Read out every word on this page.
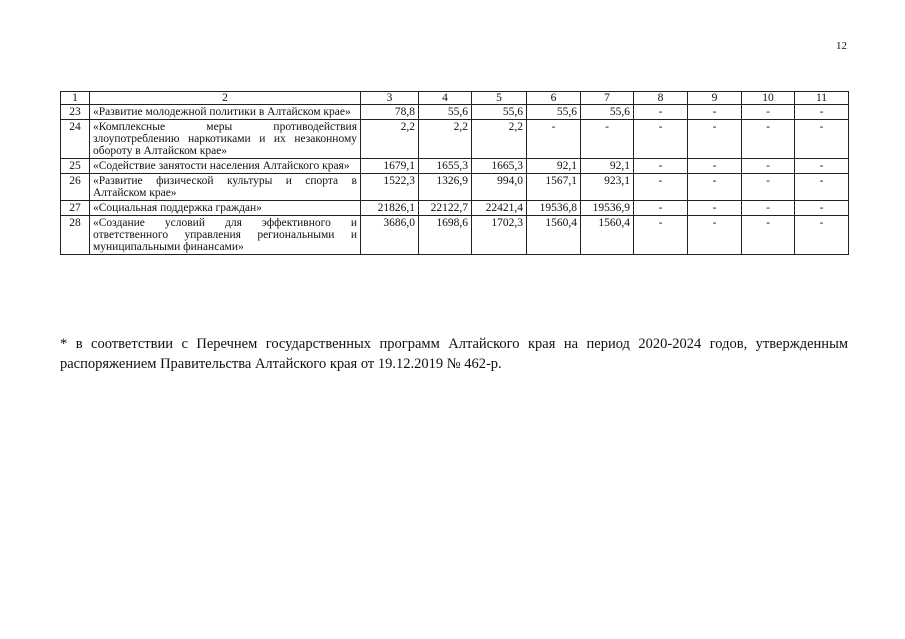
12
1	2	3	4	5	6	7	8	9	10	11
23	«Развитие молодежной политики в Алтайском крае»	78,8	55,6	55,6	55,6	55,6	-	-	-	-
24	«Комплексные меры противодействия злоупотреблению наркотиками и их незаконному обороту в Алтайском крае»	2,2	2,2	2,2	-	-	-	-	-	-
25	«Содействие занятости населения Алтайского края»	1679,1	1655,3	1665,3	92,1	92,1	-	-	-	-
26	«Развитие физической культуры и спорта в Алтайском крае»	1522,3	1326,9	994,0	1567,1	923,1	-	-	-	-
27	«Социальная поддержка граждан»	21826,1	22122,7	22421,4	19536,8	19536,9	-	-	-	-
28	«Создание условий для эффективного и ответственного управления региональными и муниципальными финансами»	3686,0	1698,6	1702,3	1560,4	1560,4	-	-	-	-

* в соответствии с Перечнем государственных программ Алтайского края на период 2020-2024 годов, утвержденным распоряжением Правительства Алтайского края от 19.12.2019 № 462-р.
